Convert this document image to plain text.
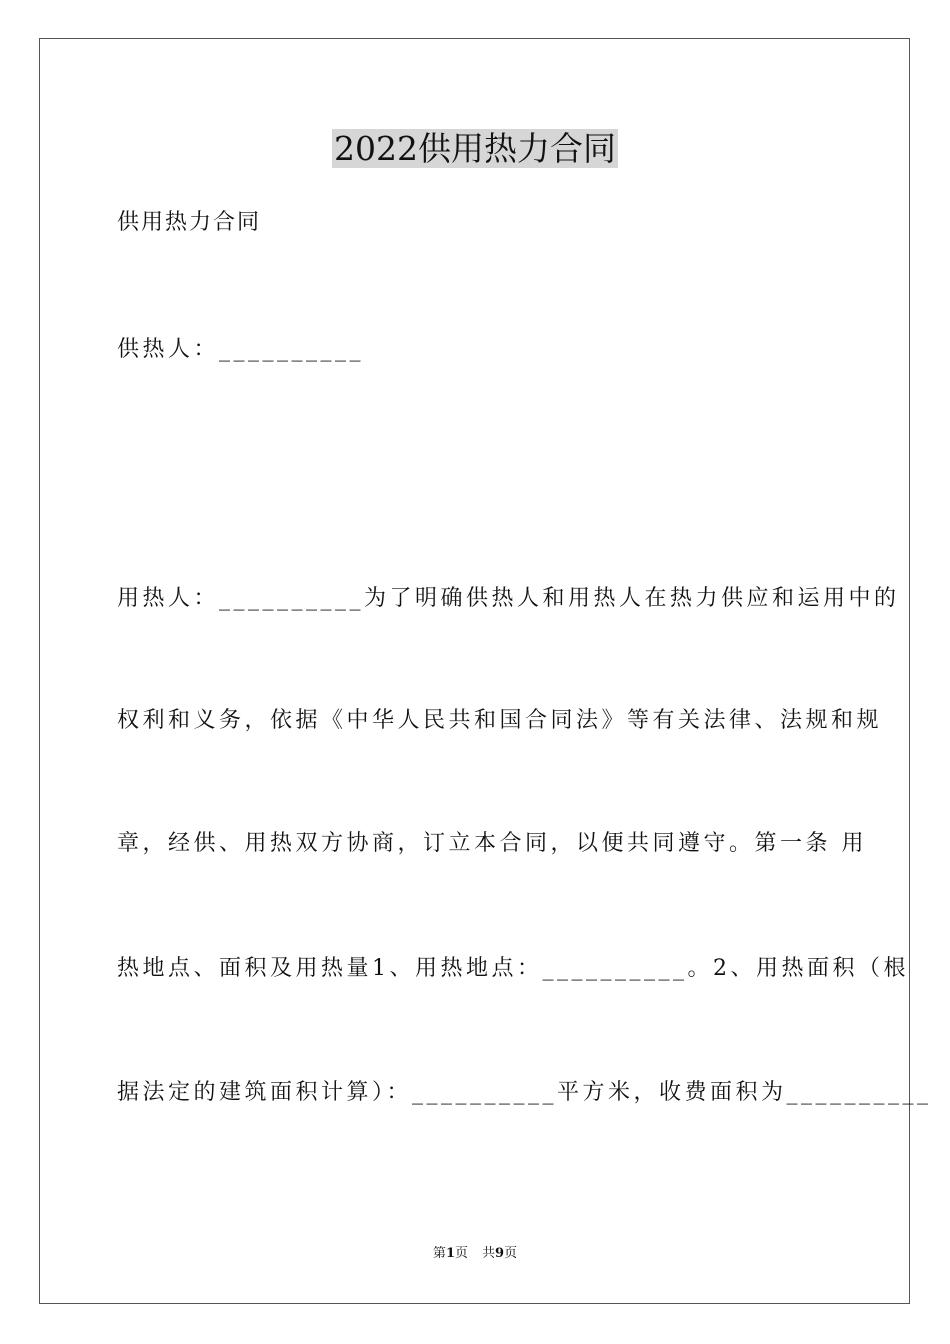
2022供用热力合同
供用热力合同
供热人：__________
用热人：__________为了明确供热人和用热人在热力供应和运用中的
权利和义务，依据《中华人民共和国合同法》等有关法律、法规和规
章，经供、用热双方协商，订立本合同，以便共同遵守。第一条 用
热地点、面积及用热量1、用热地点：__________。2、用热面积（根
据法定的建筑面积计算）：__________平方米，收费面积为__________
第1页 共9页
